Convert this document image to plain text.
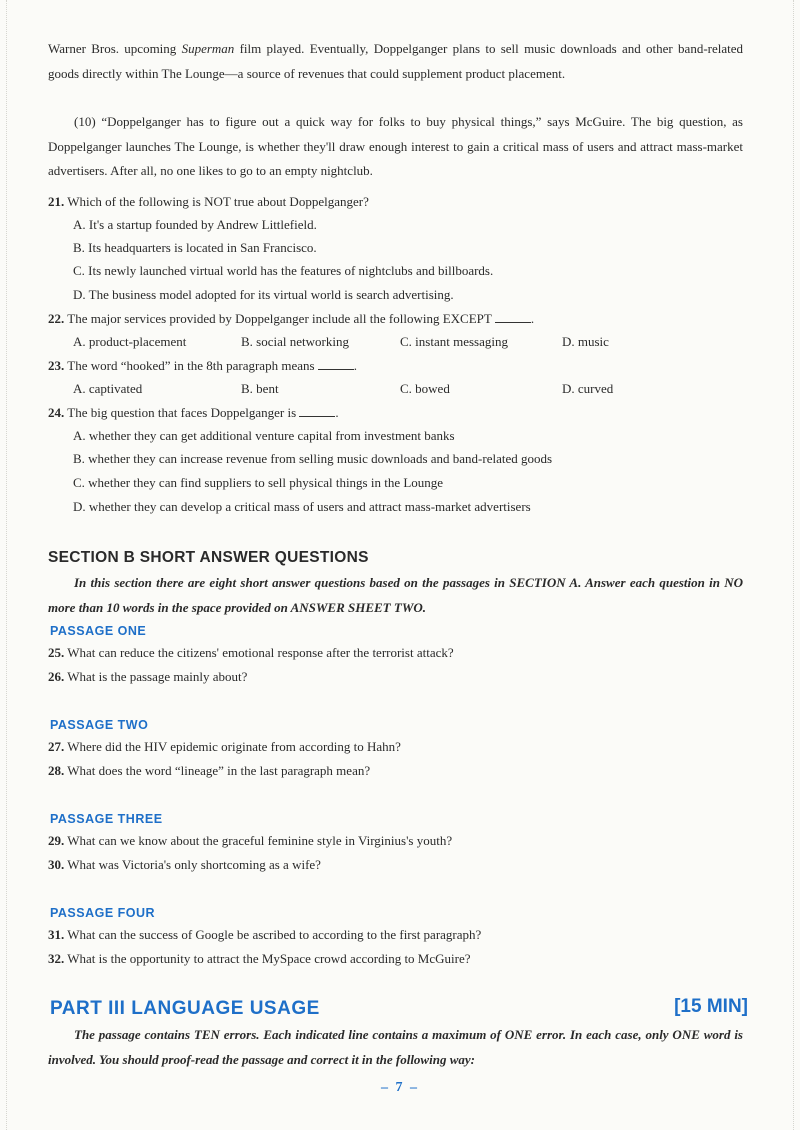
Warner Bros. upcoming Superman film played. Eventually, Doppelganger plans to sell music downloads and other band-related goods directly within The Lounge—a source of revenues that could supplement product placement.

(10) “Doppelganger has to figure out a quick way for folks to buy physical things,” says McGuire. The big question, as Doppelganger launches The Lounge, is whether they'll draw enough interest to gain a critical mass of users and attract mass-market advertisers. After all, no one likes to go to an empty nightclub.

21. Which of the following is NOT true about Doppelganger?
A. It's a startup founded by Andrew Littlefield.
B. Its headquarters is located in San Francisco.
C. Its newly launched virtual world has the features of nightclubs and billboards.
D. The business model adopted for its virtual world is search advertising.
22. The major services provided by Doppelganger include all the following EXCEPT	.
A. product-placement	B. social networking	C. instant messaging	D. music
23. The word “hooked” in the 8th paragraph means	.
A. captivated	B. bent	C. bowed	D. curved
24. The big question that faces Doppelganger is	.
A. whether they can get additional venture capital from investment banks
B. whether they can increase revenue from selling music downloads and band-related goods
C. whether they can find suppliers to sell physical things in the Lounge
D. whether they can develop a critical mass of users and attract mass-market advertisers
SECTION B SHORT ANSWER QUESTIONS

In this section there are eight short answer questions based on the passages in SECTION A. Answer each question in NO more than 10 words in the space provided on ANSWER SHEET TWO.

PASSAGE ONE
25. What can reduce the citizens' emotional response after the terrorist attack?
26. What is the passage mainly about?
PASSAGE TWO
27. Where did the HIV epidemic originate from according to Hahn?
28. What does the word “lineage” in the last paragraph mean?
PASSAGE THREE
29. What can we know about the graceful feminine style in Virginius's youth?
30. What was Victoria's only shortcoming as a wife?
PASSAGE FOUR
31. What can the success of Google be ascribed to according to the first paragraph?
32. What is the opportunity to attract the MySpace crowd according to McGuire?
PART III LANGUAGE USAGE	[15 MIN]

The passage contains TEN errors. Each indicated line contains a maximum of ONE error. In each case, only ONE word is involved. You should proof-read the passage and correct it in the following way:

– 7 –
